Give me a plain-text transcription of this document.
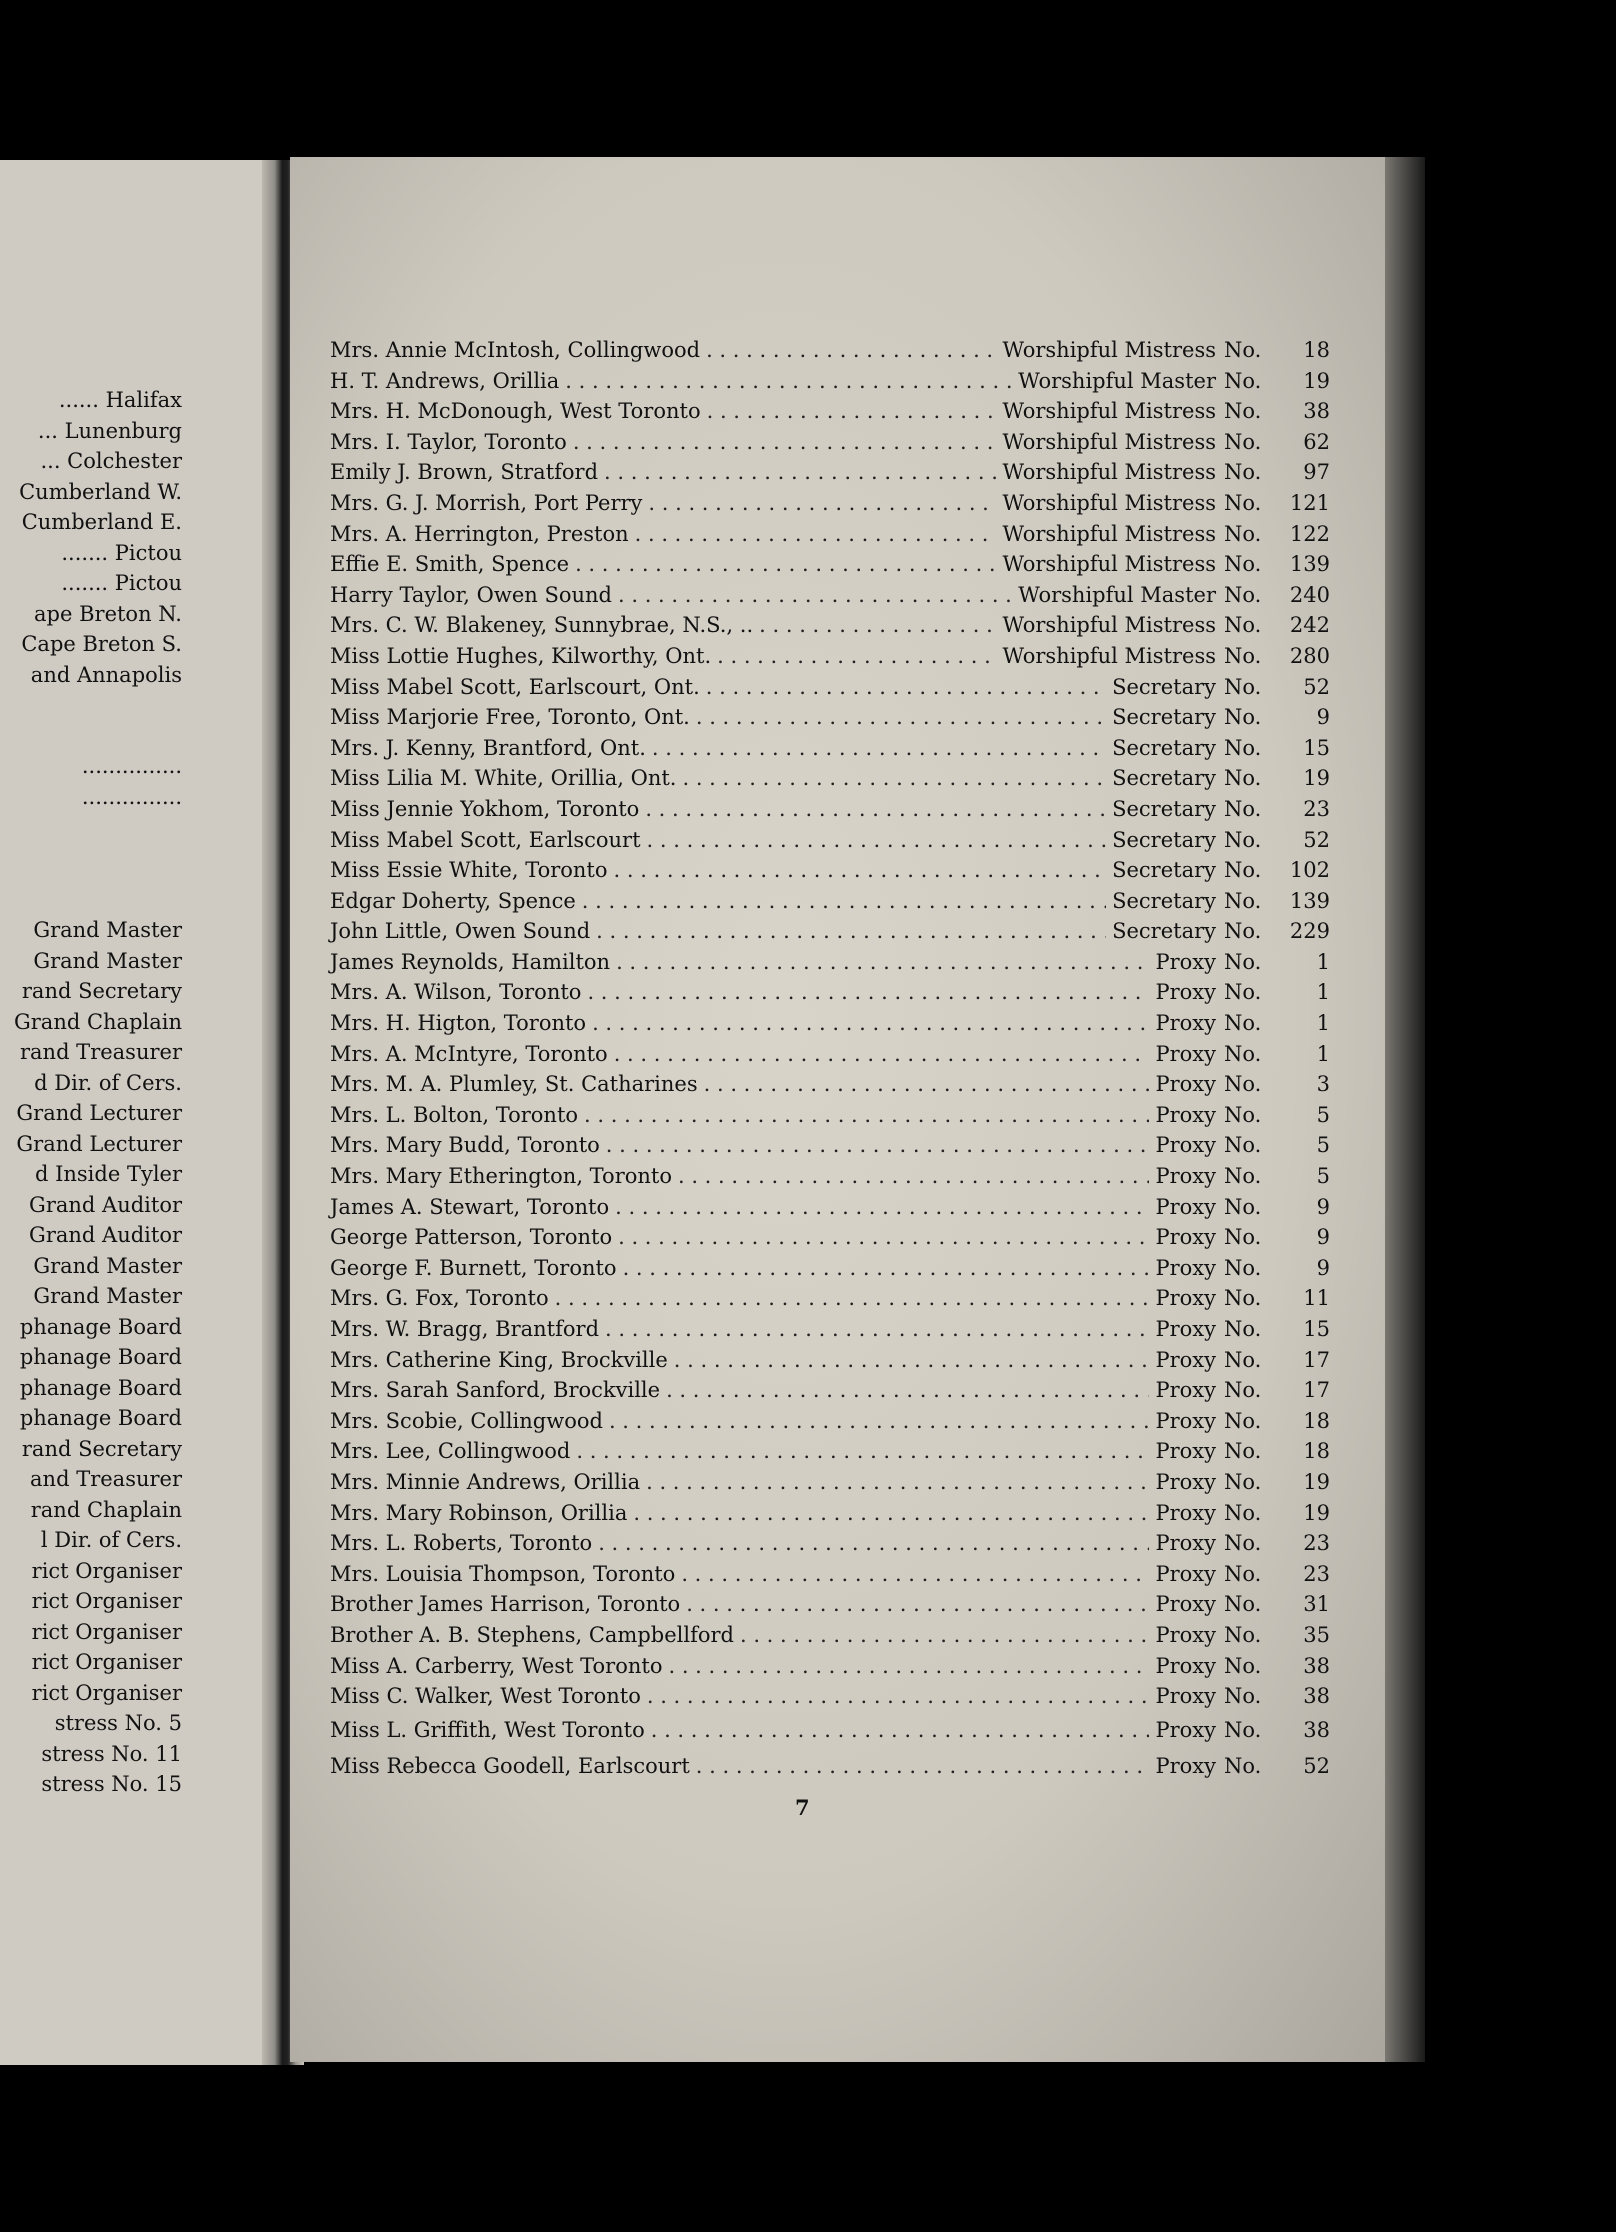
...... Halifax
... Lunenburg
... Colchester
Cumberland W.
Cumberland E.
....... Pictou
....... Pictou
ape Breton N.
Cape Breton S.
and Annapolis
...............
...............
Grand Master
Grand Master
rand Secretary
Grand Chaplain
rand Treasurer
d Dir. of Cers.
Grand Lecturer
Grand Lecturer
d Inside Tyler
Grand Auditor
Grand Auditor
Grand Master
Grand Master
phanage Board
phanage Board
phanage Board
phanage Board
rand Secretary
and Treasurer
rand Chaplain
l Dir. of Cers.
rict Organiser
rict Organiser
rict Organiser
rict Organiser
rict Organiser
stress No. 5
stress No. 11
stress No. 15
Mrs. Annie McIntosh, Collingwood . . .	Worshipful Mistress No.	18
H. T. Andrews, Orillia . . .	Worshipful Master No.	19
Mrs. H. McDonough, West Toronto . . .	Worshipful Mistress No.	38
Mrs. I. Taylor, Toronto . . .	Worshipful Mistress No.	62
Emily J. Brown, Stratford . . .	Worshipful Mistress No.	97
Mrs. G. J. Morrish, Port Perry . . .	Worshipful Mistress No.	121
Mrs. A. Herrington, Preston . . .	Worshipful Mistress No.	122
Effie E. Smith, Spence . . .	Worshipful Mistress No.	139
Harry Taylor, Owen Sound . . .	Worshipful Master No.	240
Mrs. C. W. Blakeney, Sunnybrae, N.S., .. . . .	Worshipful Mistress No.	242
Miss Lottie Hughes, Kilworthy, Ont. . . .	Worshipful Mistress No.	280
Miss Mabel Scott, Earlscourt, Ont. . . .	Secretary No.	52
Miss Marjorie Free, Toronto, Ont. . . .	Secretary No.	9
Mrs. J. Kenny, Brantford, Ont. . . .	Secretary No.	15
Miss Lilia M. White, Orillia, Ont. . . .	Secretary No.	19
Miss Jennie Yokhom, Toronto . . .	Secretary No.	23
Miss Mabel Scott, Earlscourt . . .	Secretary No.	52
Miss Essie White, Toronto . . .	Secretary No.	102
Edgar Doherty, Spence . . .	Secretary No.	139
John Little, Owen Sound . . .	Secretary No.	229
James Reynolds, Hamilton . . .	Proxy No.	1
Mrs. A. Wilson, Toronto . . .	Proxy No.	1
Mrs. H. Higton, Toronto . . .	Proxy No.	1
Mrs. A. McIntyre, Toronto . . .	Proxy No.	1
Mrs. M. A. Plumley, St. Catharines . . .	Proxy No.	3
Mrs. L. Bolton, Toronto . . .	Proxy No.	5
Mrs. Mary Budd, Toronto . . .	Proxy No.	5
Mrs. Mary Etherington, Toronto . . .	Proxy No.	5
James A. Stewart, Toronto . . .	Proxy No.	9
George Patterson, Toronto . . .	Proxy No.	9
George F. Burnett, Toronto . . .	Proxy No.	9
Mrs. G. Fox, Toronto . . .	Proxy No.	11
Mrs. W. Bragg, Brantford . . .	Proxy No.	15
Mrs. Catherine King, Brockville . . .	Proxy No.	17
Mrs. Sarah Sanford, Brockville . . .	Proxy No.	17
Mrs. Scobie, Collingwood . . .	Proxy No.	18
Mrs. Lee, Collingwood . . .	Proxy No.	18
Mrs. Minnie Andrews, Orillia . . .	Proxy No.	19
Mrs. Mary Robinson, Orillia . . .	Proxy No.	19
Mrs. L. Roberts, Toronto . . .	Proxy No.	23
Mrs. Louisia Thompson, Toronto . . .	Proxy No.	23
Brother James Harrison, Toronto . . .	Proxy No.	31
Brother A. B. Stephens, Campbellford . . .	Proxy No.	35
Miss A. Carberry, West Toronto . . .	Proxy No.	38
Miss C. Walker, West Toronto . . .	Proxy No.	38
Miss L. Griffith, West Toronto . . .	Proxy No.	38
Miss Rebecca Goodell, Earlscourt . . .	Proxy No.	52
7
